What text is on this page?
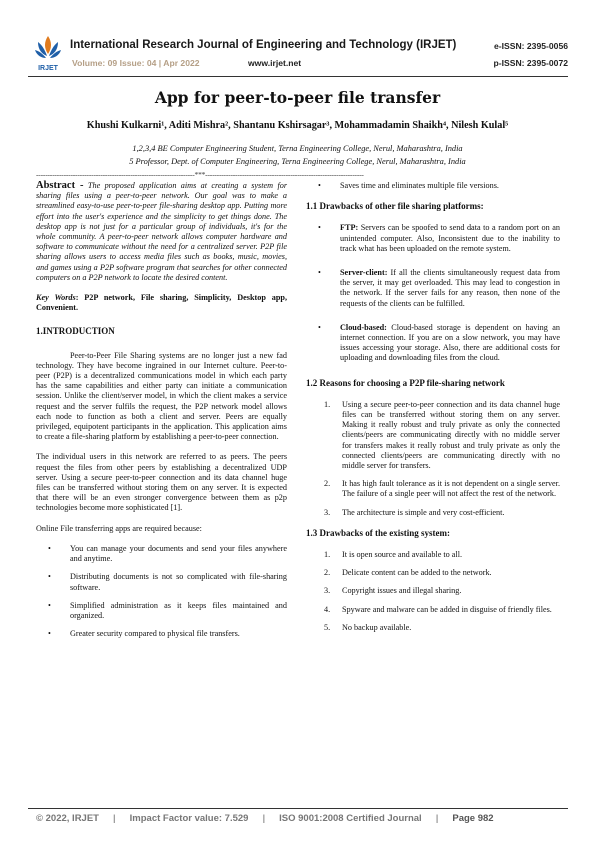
IRJET
International Research Journal of Engineering and Technology (IRJET)
Volume: 09 Issue: 04 | Apr 2022	www.irjet.net
e-ISSN: 2395-0056
p-ISSN: 2395-0072
App for peer-to-peer file transfer
Khushi Kulkarni¹, Aditi Mishra², Shantanu Kshirsagar³, Mohammadamin Shaikh⁴, Nilesh Kulal⁵
1,2,3,4 BE Computer Engineering Student, Terna Engineering College, Nerul, Maharashtra, India
5 Professor, Dept. of Computer Engineering, Terna Engineering College, Nerul, Maharashtra, India
---------------------------------------------------------------------***---------------------------------------------------------------------

Abstract - The proposed application aims at creating a system for sharing files using a peer-to-peer network. Our goal was to make a streamlined easy-to-use peer-to-peer file-sharing desktop app. Putting more effort into the user's experience and the simplicity to get things done. The desktop app is not just for a particular group of individuals, it's for the whole community. A peer-to-peer network allows computer hardware and software to communicate without the need for a centralized server. P2P file sharing allows users to access media files such as books, music, movies, and games using a P2P software program that searches for other connected computers on a P2P network to locate the desired content.

Key Words: P2P network, File sharing, Simplicity, Desktop app, Convenient.

1.INTRODUCTION

Peer-to-Peer File Sharing systems are no longer just a new fad technology. They have become ingrained in our Internet culture. Peer-to-peer (P2P) is a decentralized communications model in which each party has the same capabilities and either party can initiate a communication session. Unlike the client/server model, in which the client makes a service request and the server fulfils the request, the P2P network model allows each node to function as both a client and server. Peers are equally privileged, equipotent participants in the application. This application aims to create a file-sharing platform by establishing a peer-to-peer connection.

The individual users in this network are referred to as peers. The peers request the files from other peers by establishing a decentralized UDP server. Using a secure peer-to-peer connection and its data channel huge files can be transferred without storing them on any server. It is expected that there will be an even stronger convergence between them as p2p technologies become more sophisticated [1].

Online File transferring apps are required because:

• You can manage your documents and send your files anywhere and anytime.
• Distributing documents is not so complicated with file-sharing software.
• Simplified administration as it keeps files maintained and organized.
• Greater security compared to physical file transfers.
• Saves time and eliminates multiple file versions.
1.1 Drawbacks of other file sharing platforms:
• FTP: Servers can be spoofed to send data to a random port on an unintended computer. Also, Inconsistent due to the inability to track what has been uploaded on the remote system.
• Server-client: If all the clients simultaneously request data from the server, it may get overloaded. This may lead to congestion in the network. If the server fails for any reason, then none of the requests of the clients can be fulfilled.
• Cloud-based: Cloud-based storage is dependent on having an internet connection. If you are on a slow network, you may have issues accessing your storage. Also, there are additional costs for uploading and downloading files from the cloud.
1.2 Reasons for choosing a P2P file-sharing network
1. Using a secure peer-to-peer connection and its data channel huge files can be transferred without storing them on any server. Making it really robust and truly private as only the connected clients/peers are communicating directly with no middle server for transfers makes it really robust and truly private as only the connected clients/peers are communicating directly with no middle server for transfers.
2. It has high fault tolerance as it is not dependent on a single server. The failure of a single peer will not affect the rest of the network.
3. The architecture is simple and very cost-efficient.
1.3 Drawbacks of the existing system:
1. It is open source and available to all.
2. Delicate content can be added to the network.
3. Copyright issues and illegal sharing.
4. Spyware and malware can be added in disguise of friendly files.
5. No backup available.
© 2022, IRJET | Impact Factor value: 7.529 | ISO 9001:2008 Certified Journal | Page 982
